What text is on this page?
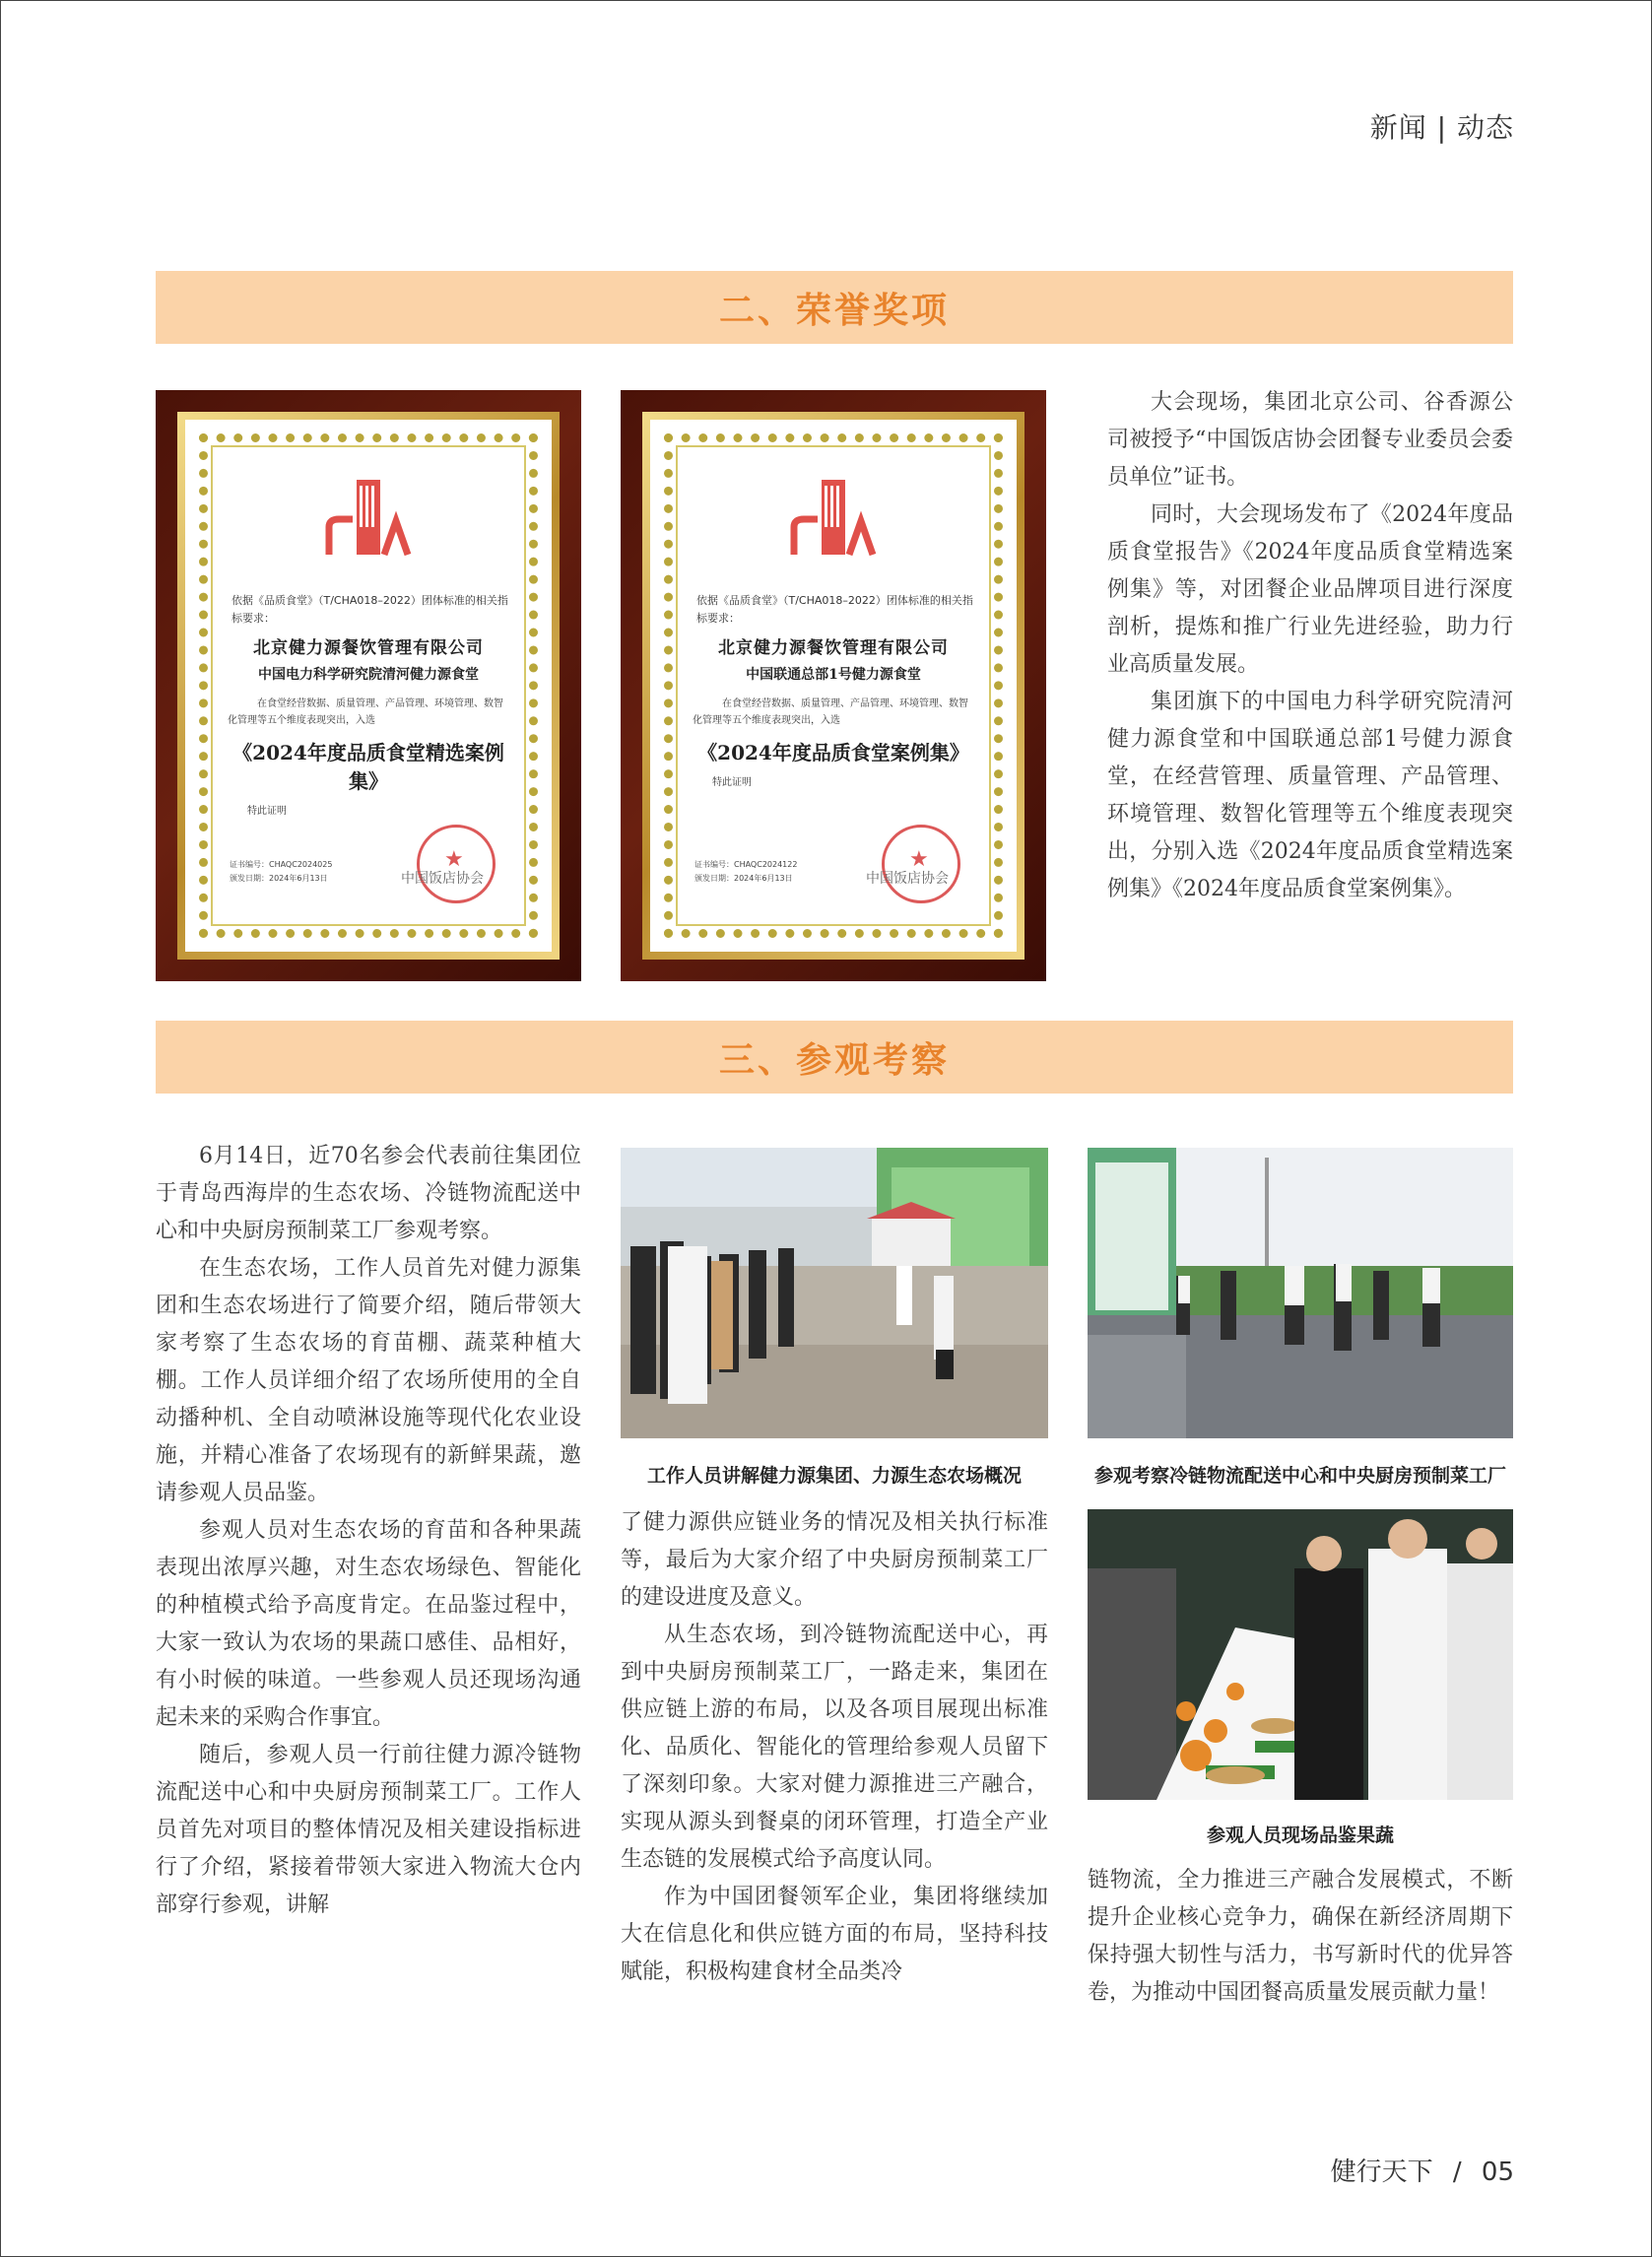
新闻 | 动态
二、荣誉奖项
依据《品质食堂》（T/CHA018–2022）团体标准的相关指标要求：
北京健力源餐饮管理有限公司
中国电力科学研究院清河健力源食堂
在食堂经营数据、质量管理、产品管理、环境管理、数智化管理等五个维度表现突出，入选
《2024年度品质食堂精选案例集》
特此证明
证书编号：CHAQC2024025
颁发日期：2024年6月13日 ★	中国饭店协会
依据《品质食堂》（T/CHA018–2022）团体标准的相关指标要求：
北京健力源餐饮管理有限公司
中国联通总部1号健力源食堂
在食堂经营数据、质量管理、产品管理、环境管理、数智化管理等五个维度表现突出，入选
《2024年度品质食堂案例集》
特此证明
证书编号：CHAQC2024122
颁发日期：2024年6月13日 ★	中国饭店协会

大会现场，集团北京公司、谷香源公司被授予“中国饭店协会团餐专业委员会委员单位”证书。

同时，大会现场发布了《2024年度品质食堂报告》《2024年度品质食堂精选案例集》等，对团餐企业品牌项目进行深度剖析，提炼和推广行业先进经验，助力行业高质量发展。

集团旗下的中国电力科学研究院清河健力源食堂和中国联通总部1号健力源食堂，在经营管理、质量管理、产品管理、环境管理、数智化管理等五个维度表现突出，分别入选《2024年度品质食堂精选案例集》《2024年度品质食堂案例集》。

三、参观考察

6月14日，近70名参会代表前往集团位于青岛西海岸的生态农场、冷链物流配送中心和中央厨房预制菜工厂参观考察。

在生态农场，工作人员首先对健力源集团和生态农场进行了简要介绍，随后带领大家考察了生态农场的育苗棚、蔬菜种植大棚。工作人员详细介绍了农场所使用的全自动播种机、全自动喷淋设施等现代化农业设施，并精心准备了农场现有的新鲜果蔬，邀请参观人员品鉴。

参观人员对生态农场的育苗和各种果蔬表现出浓厚兴趣，对生态农场绿色、智能化的种植模式给予高度肯定。在品鉴过程中，大家一致认为农场的果蔬口感佳、品相好，有小时候的味道。一些参观人员还现场沟通起未来的采购合作事宜。

随后，参观人员一行前往健力源冷链物流配送中心和中央厨房预制菜工厂。工作人员首先对项目的整体情况及相关建设指标进行了介绍，紧接着带领大家进入物流大仓内部穿行参观，讲解

工作人员讲解健力源集团、力源生态农场概况
了健力源供应链业务的情况及相关执行标准等，最后为大家介绍了中央厨房预制菜工厂的建设进度及意义。

从生态农场，到冷链物流配送中心，再到中央厨房预制菜工厂，一路走来，集团在供应链上游的布局，以及各项目展现出标准化、品质化、智能化的管理给参观人员留下了深刻印象。大家对健力源推进三产融合，实现从源头到餐桌的闭环管理，打造全产业生态链的发展模式给予高度认同。

作为中国团餐领军企业，集团将继续加大在信息化和供应链方面的布局，坚持科技赋能，积极构建食材全品类冷

参观考察冷链物流配送中心和中央厨房预制菜工厂
参观人员现场品鉴果蔬
链物流，全力推进三产融合发展模式，不断提升企业核心竞争力，确保在新经济周期下保持强大韧性与活力，书写新时代的优异答卷，为推动中国团餐高质量发展贡献力量！
健行天下 / 05
